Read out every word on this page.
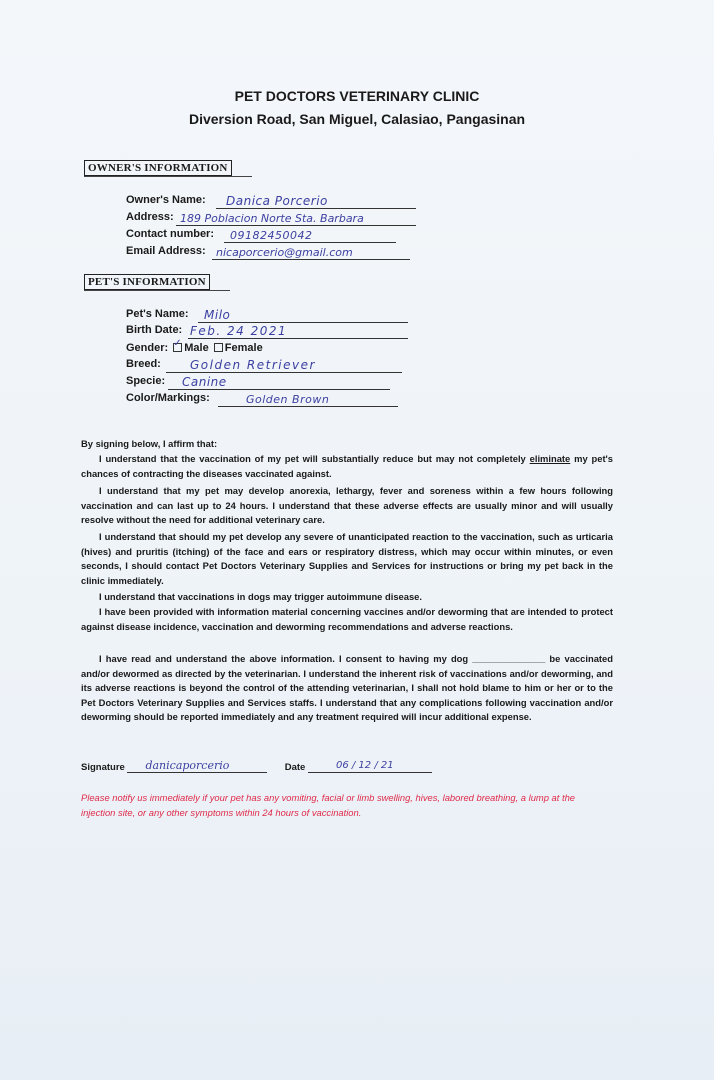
PET DOCTORS VETERINARY CLINIC
Diversion Road, San Miguel, Calasiao, Pangasinan
OWNER'S INFORMATION
Owner's Name: Danica Porcerio
Address: 189 Poblacion Norte Sta. Barbara
Contact number: 09182450042
Email Address: nicaporcerio@gmail.com
PET'S INFORMATION
Pet's Name: Milo
Birth Date: Feb. 24 2021
Gender: ✓ Male Female
Breed: Golden Retriever
Specie: Canine
Color/Markings:	Golden Brown
By signing below, I affirm that:
I understand that the vaccination of my pet will substantially reduce but may not completely eliminate my pet's chances of contracting the diseases vaccinated against.
I understand that my pet may develop anorexia, lethargy, fever and soreness within a few hours following vaccination and can last up to 24 hours. I understand that these adverse effects are usually minor and will usually resolve without the need for additional veterinary care.
I understand that should my pet develop any severe of unanticipated reaction to the vaccination, such as urticaria (hives) and pruritis (itching) of the face and ears or respiratory distress, which may occur within minutes, or even seconds, I should contact Pet Doctors Veterinary Supplies and Services for instructions or bring my pet back in the clinic immediately.
I understand that vaccinations in dogs may trigger autoimmune disease.
I have been provided with information material concerning vaccines and/or deworming that are intended to protect against disease incidence, vaccination and deworming recommendations and adverse reactions.
I have read and understand the above information. I consent to having my dog ______________ be vaccinated and/or dewormed as directed by the veterinarian. I understand the inherent risk of vaccinations and/or deworming, and its adverse reactions is beyond the control of the attending veterinarian, I shall not hold blame to him or her or to the Pet Doctors Veterinary Supplies and Services staffs. I understand that any complications following vaccination and/or deworming should be reported immediately and any treatment required will incur additional expense.
Signature danicaporcerio	Date	06 / 12 / 21
Please notify us immediately if your pet has any vomiting, facial or limb swelling, hives, labored breathing, a lump at the injection site, or any other symptoms within 24 hours of vaccination.
